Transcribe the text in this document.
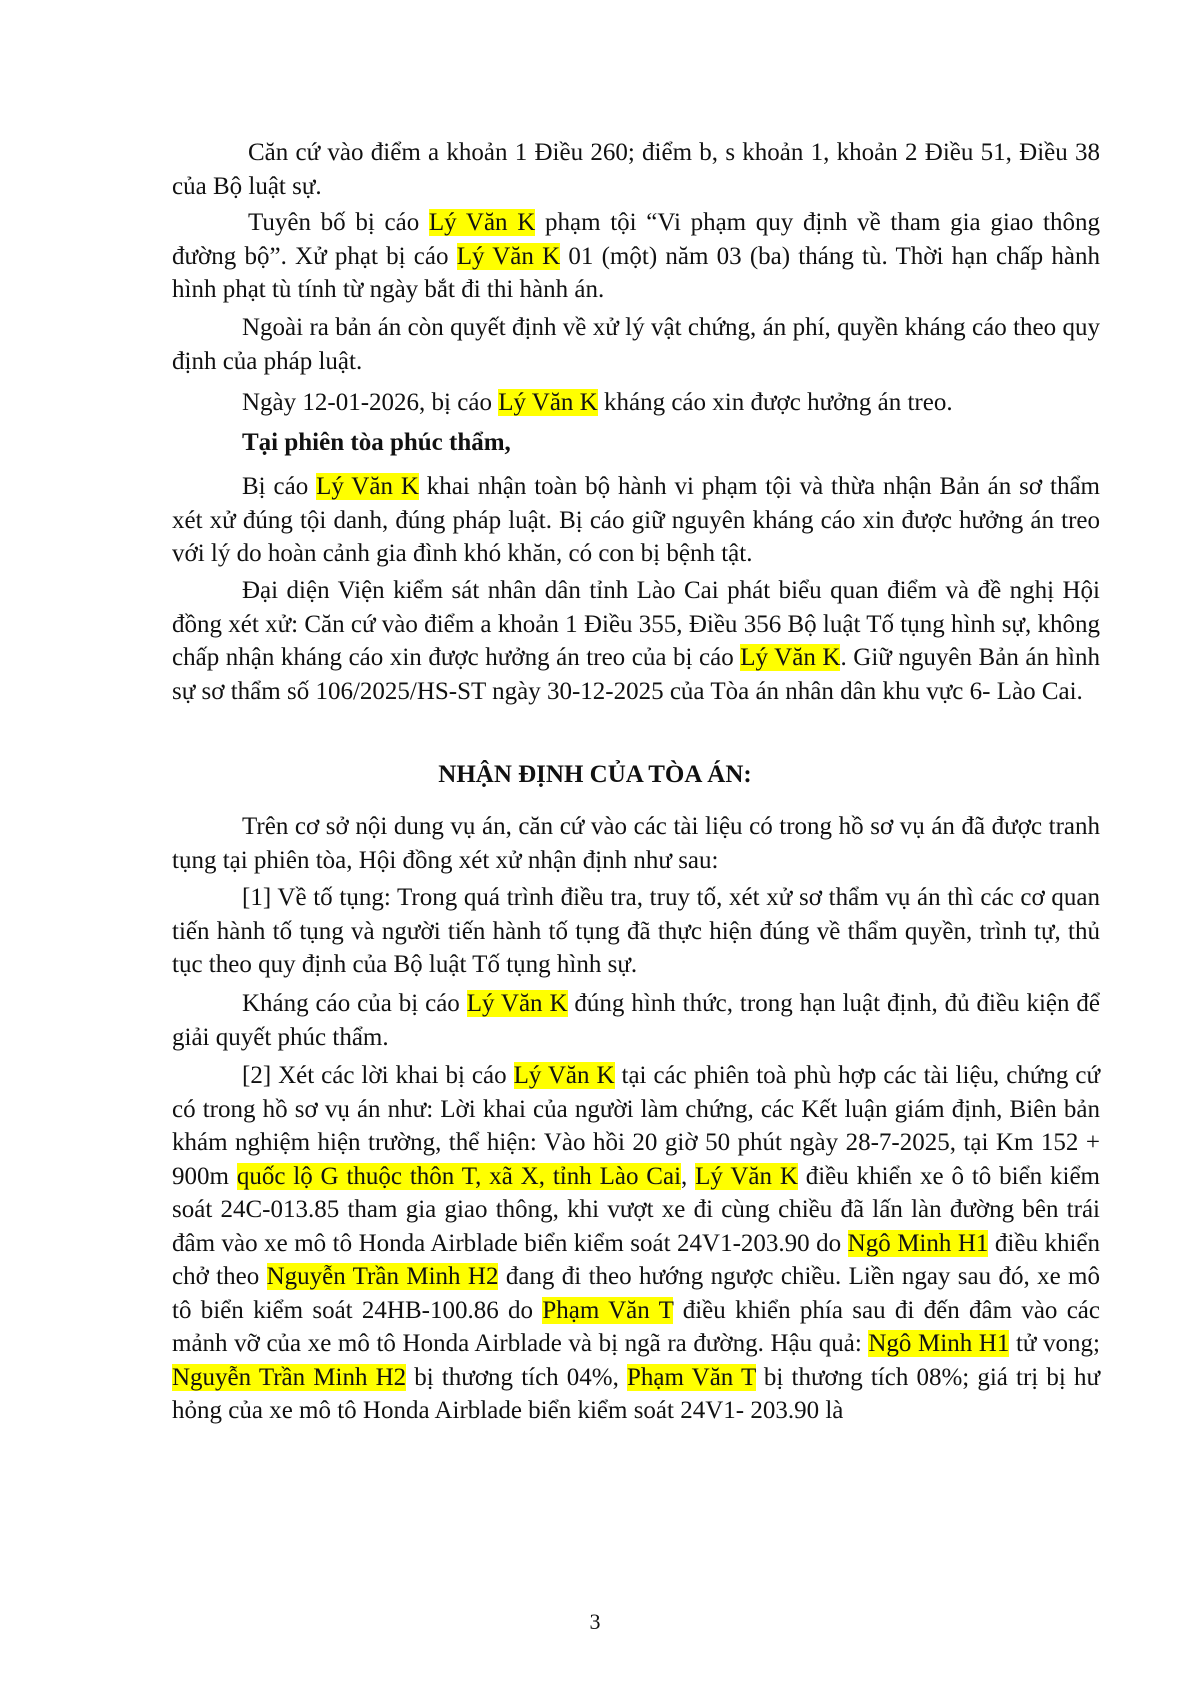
Căn cứ vào điểm a khoản 1 Điều 260; điểm b, s khoản 1, khoản 2 Điều 51, Điều 38 của Bộ luật sự.

Tuyên bố bị cáo Lý Văn K phạm tội “Vi phạm quy định về tham gia giao thông đường bộ”. Xử phạt bị cáo Lý Văn K 01 (một) năm 03 (ba) tháng tù. Thời hạn chấp hành hình phạt tù tính từ ngày bắt đi thi hành án.

Ngoài ra bản án còn quyết định về xử lý vật chứng, án phí, quyền kháng cáo theo quy định của pháp luật.

Ngày 12-01-2026, bị cáo Lý Văn K kháng cáo xin được hưởng án treo.

Tại phiên tòa phúc thẩm,

Bị cáo Lý Văn K khai nhận toàn bộ hành vi phạm tội và thừa nhận Bản án sơ thẩm xét xử đúng tội danh, đúng pháp luật. Bị cáo giữ nguyên kháng cáo xin được hưởng án treo với lý do hoàn cảnh gia đình khó khăn, có con bị bệnh tật.

Đại diện Viện kiểm sát nhân dân tỉnh Lào Cai phát biểu quan điểm và đề nghị Hội đồng xét xử: Căn cứ vào điểm a khoản 1 Điều 355, Điều 356 Bộ luật Tố tụng hình sự, không chấp nhận kháng cáo xin được hưởng án treo của bị cáo Lý Văn K. Giữ nguyên Bản án hình sự sơ thẩm số 106/2025/HS-ST ngày 30-12-2025 của Tòa án nhân dân khu vực 6- Lào Cai.

NHẬN ĐỊNH CỦA TÒA ÁN:

Trên cơ sở nội dung vụ án, căn cứ vào các tài liệu có trong hồ sơ vụ án đã được tranh tụng tại phiên tòa, Hội đồng xét xử nhận định như sau:

[1] Về tố tụng: Trong quá trình điều tra, truy tố, xét xử sơ thẩm vụ án thì các cơ quan tiến hành tố tụng và người tiến hành tố tụng đã thực hiện đúng về thẩm quyền, trình tự, thủ tục theo quy định của Bộ luật Tố tụng hình sự.

Kháng cáo của bị cáo Lý Văn K đúng hình thức, trong hạn luật định, đủ điều kiện để giải quyết phúc thẩm.

[2] Xét các lời khai bị cáo Lý Văn K tại các phiên toà phù hợp các tài liệu, chứng cứ có trong hồ sơ vụ án như: Lời khai của người làm chứng, các Kết luận giám định, Biên bản khám nghiệm hiện trường, thể hiện: Vào hồi 20 giờ 50 phút ngày 28-7-2025, tại Km 152 + 900m quốc lộ G thuộc thôn T, xã X, tỉnh Lào Cai, Lý Văn K điều khiển xe ô tô biển kiểm soát 24C-013.85 tham gia giao thông, khi vượt xe đi cùng chiều đã lấn làn đường bên trái đâm vào xe mô tô Honda Airblade biển kiểm soát 24V1-203.90 do Ngô Minh H1 điều khiển chở theo Nguyễn Trần Minh H2 đang đi theo hướng ngược chiều. Liền ngay sau đó, xe mô tô biển kiểm soát 24HB-100.86 do Phạm Văn T điều khiển phía sau đi đến đâm vào các mảnh vỡ của xe mô tô Honda Airblade và bị ngã ra đường. Hậu quả: Ngô Minh H1 tử vong; Nguyễn Trần Minh H2 bị thương tích 04%, Phạm Văn T bị thương tích 08%; giá trị bị hư hỏng của xe mô tô Honda Airblade biển kiểm soát 24V1- 203.90 là

3
